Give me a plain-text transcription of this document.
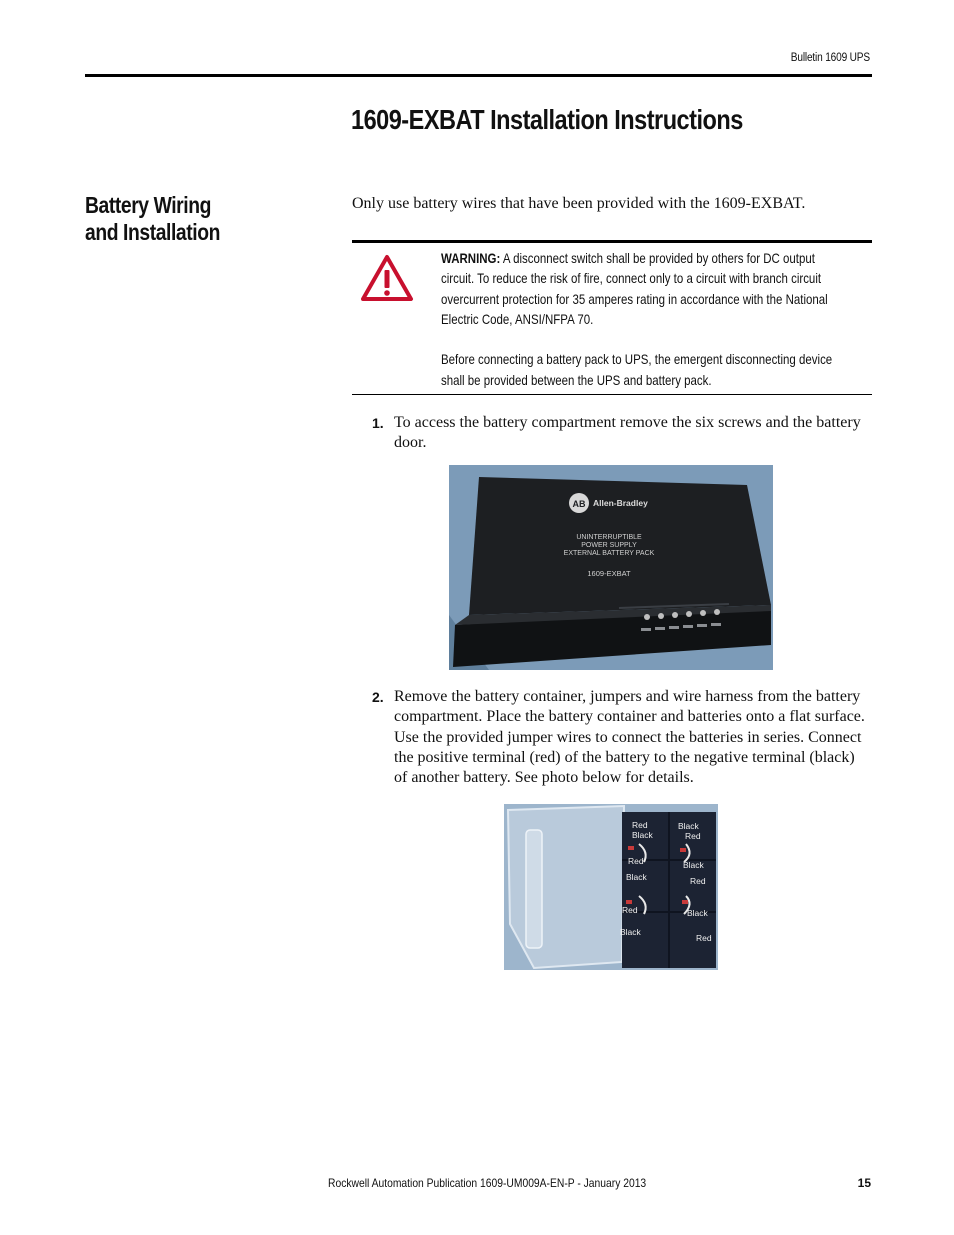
Bulletin 1609 UPS
1609-EXBAT Installation Instructions
Battery Wiring
and Installation

Only use battery wires that have been provided with the 1609-EXBAT.

WARNING: A disconnect switch shall be provided by others for DC output circuit. To reduce the risk of fire, connect only to a circuit with branch circuit overcurrent protection for 35 amperes rating in accordance with the National Electric Code, ANSI/NFPA 70.

Before connecting a battery pack to UPS, the emergent disconnecting device shall be provided between the UPS and battery pack.

1. To access the battery compartment remove the six screws and the battery door.
AB Allen-Bradley
UNINTERRUPTIBLE
POWER SUPPLY
EXTERNAL BATTERY PACK
1609-EXBAT
2. Remove the battery container, jumpers and wire harness from the battery compartment. Place the battery container and batteries onto a flat surface. Use the provided jumper wires to connect the batteries in series. Connect the positive terminal (red) of the battery to the negative terminal (black) of another battery. See photo below for details.
Red
Black
Red
Black
Red
Black
Black
Red
Black
Red
Black
Red
Rockwell Automation Publication 1609-UM009A-EN-P - January 2013	15
